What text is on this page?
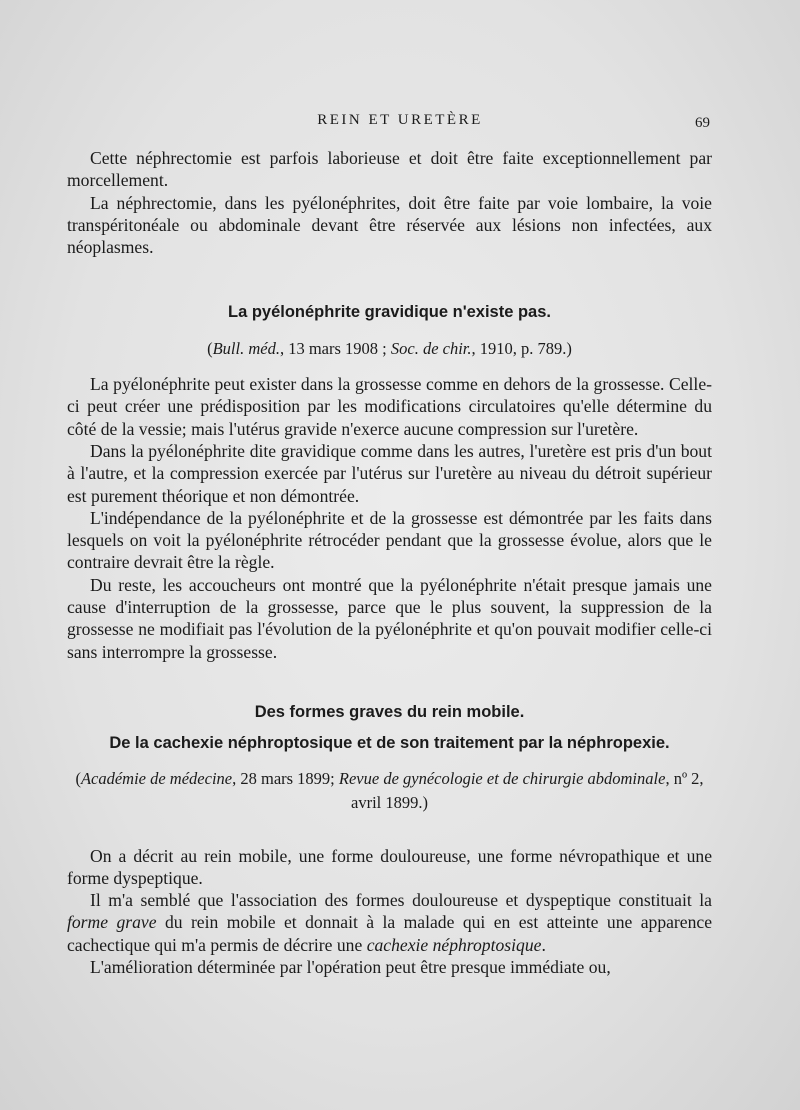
REIN ET URETÈRE	69

Cette néphrectomie est parfois laborieuse et doit être faite exceptionnellement par morcellement.

La néphrectomie, dans les pyélonéphrites, doit être faite par voie lombaire, la voie transpéritonéale ou abdominale devant être réservée aux lésions non infectées, aux néoplasmes.

La pyélonéphrite gravidique n'existe pas.

(Bull. méd., 13 mars 1908 ; Soc. de chir., 1910, p. 789.)

La pyélonéphrite peut exister dans la grossesse comme en dehors de la grossesse. Celle-ci peut créer une prédisposition par les modifications circulatoires qu'elle détermine du côté de la vessie; mais l'utérus gravide n'exerce aucune compression sur l'uretère.

Dans la pyélonéphrite dite gravidique comme dans les autres, l'uretère est pris d'un bout à l'autre, et la compression exercée par l'utérus sur l'uretère au niveau du détroit supérieur est purement théorique et non démontrée.

L'indépendance de la pyélonéphrite et de la grossesse est démontrée par les faits dans lesquels on voit la pyélonéphrite rétrocéder pendant que la grossesse évolue, alors que le contraire devrait être la règle.

Du reste, les accoucheurs ont montré que la pyélonéphrite n'était presque jamais une cause d'interruption de la grossesse, parce que le plus souvent, la suppression de la grossesse ne modifiait pas l'évolution de la pyélonéphrite et qu'on pouvait modifier celle-ci sans interrompre la grossesse.

Des formes graves du rein mobile.

De la cachexie néphroptosique et de son traitement par la néphropexie.

(Académie de médecine, 28 mars 1899; Revue de gynécologie et de chirurgie abdominale, nº 2, avril 1899.)

On a décrit au rein mobile, une forme douloureuse, une forme névropathique et une forme dyspeptique.

Il m'a semblé que l'association des formes douloureuse et dyspeptique constituait la forme grave du rein mobile et donnait à la malade qui en est atteinte une apparence cachectique qui m'a permis de décrire une cachexie néphroptosique.

L'amélioration déterminée par l'opération peut être presque immédiate ou,
